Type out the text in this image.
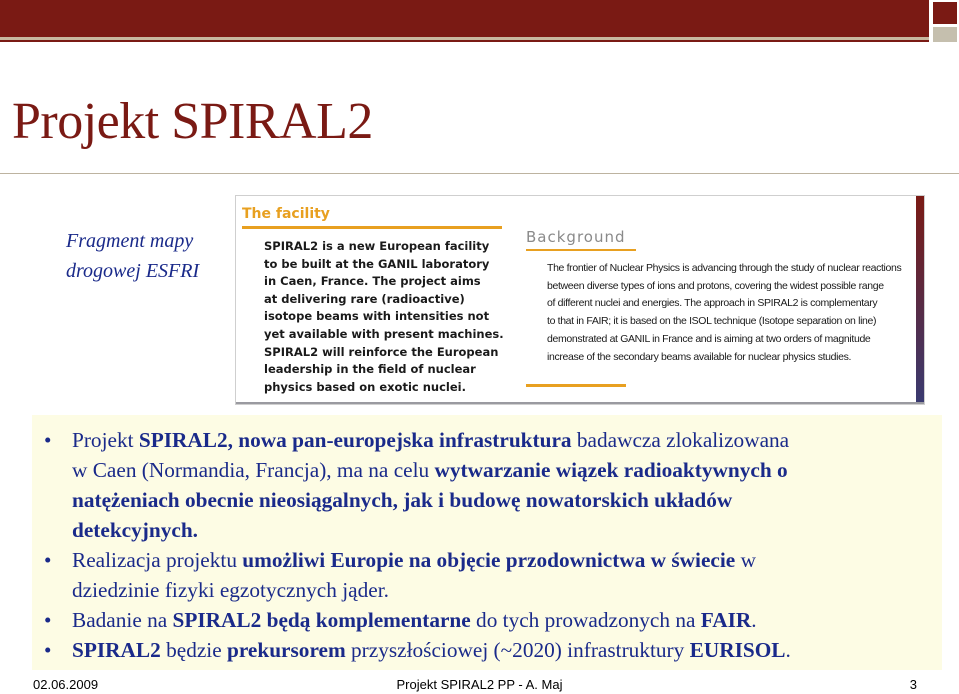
Projekt SPIRAL2
Fragment mapy
drogowej ESFRI
The facility
SPIRAL2 is a new European facility
to be built at the GANIL laboratory
in Caen, France. The project aims
at delivering rare (radioactive)
isotope beams with intensities not
yet available with present machines.
SPIRAL2 will reinforce the European
leadership in the field of nuclear
physics based on exotic nuclei.
Background
The frontier of Nuclear Physics is advancing through the study of nuclear reactions
between diverse types of ions and protons, covering the widest possible range
of different nuclei and energies. The approach in SPIRAL2 is complementary
to that in FAIR; it is based on the ISOL technique (Isotope separation on line)
demonstrated at GANIL in France and is aiming at two orders of magnitude
increase of the secondary beams available for nuclear physics studies.
• Projekt SPIRAL2, nowa pan-europejska infrastruktura badawcza zlokalizowana
w Caen (Normandia, Francja), ma na celu wytwarzanie wiązek radioaktywnych o
natężeniach obecnie nieosiągalnych, jak i budowę nowatorskich układów
detekcyjnych.
• Realizacja projektu umożliwi Europie na objęcie przodownictwa w świecie w
dziedzinie fizyki egzotycznych jąder.
• Badanie na SPIRAL2 będą komplementarne do tych prowadzonych na FAIR.
• SPIRAL2 będzie prekursorem przyszłościowej (~2020) infrastruktury EURISOL.
Projekt SPIRAL2 PP - A. Maj
02.06.2009	3
